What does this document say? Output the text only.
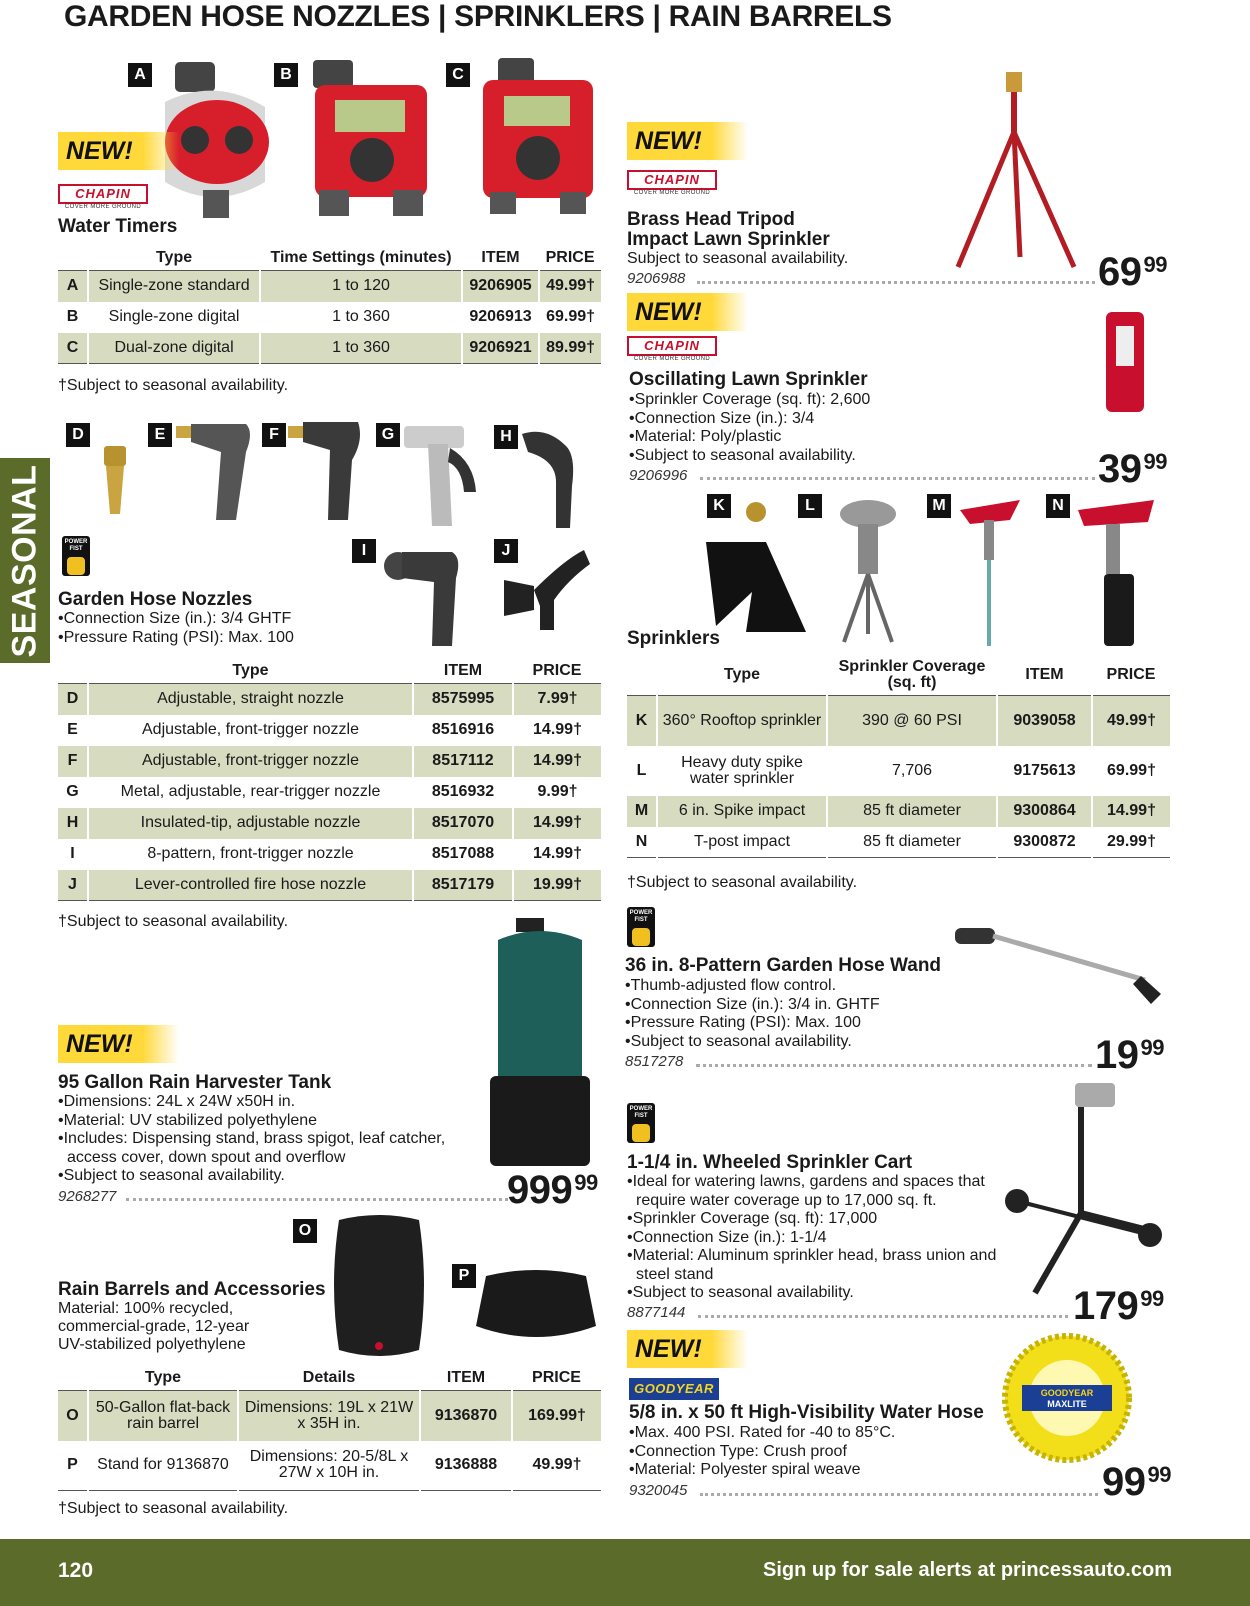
GARDEN HOSE NOZZLES | SPRINKLERS | RAIN BARRELS
SEASONAL
A	B	C
NEW!
CHAPIN
COVER MORE GROUND
Water Timers
	Type	Time Settings (minutes)	ITEM	PRICE
A	Single-zone standard	1 to 120	9206905	49.99†
B	Single-zone digital	1 to 360	9206913	69.99†
C	Dual-zone digital	1 to 360	9206921	89.99†
†Subject to seasonal availability.
D	E	F	G	H
I	J
POWER
FIST
Garden Hose Nozzles
• Connection Size (in.): 3/4 GHTF
• Pressure Rating (PSI): Max. 100
	Type	ITEM	PRICE
D	Adjustable, straight nozzle	8575995	7.99†
E	Adjustable, front-trigger nozzle	8516916	14.99†
F	Adjustable, front-trigger nozzle	8517112	14.99†
G	Metal, adjustable, rear-trigger nozzle	8516932	9.99†
H	Insulated-tip, adjustable nozzle	8517070	14.99†
I	8-pattern, front-trigger nozzle	8517088	14.99†
J	Lever-controlled fire hose nozzle	8517179	19.99†
†Subject to seasonal availability.
NEW!
95 Gallon Rain Harvester Tank
• Dimensions: 24L x 24W x50H in.
• Material: UV stabilized polyethylene
• Includes: Dispensing stand, brass spigot, leaf catcher, access cover, down spout and overflow
• Subject to seasonal availability.
9268277	$999^{99}$
O
P
Rain Barrels and Accessories
Material: 100% recycled,
commercial-grade, 12-year
UV-stabilized polyethylene
	Type	Details	ITEM	PRICE
O	50-Gallon flat-back rain barrel	Dimensions: 19L x 21W x 35H in.	9136870	169.99†
P	Stand for 9136870	Dimensions: 20-5/8L x 27W x 10H in.	9136888	49.99†
†Subject to seasonal availability.
NEW!
CHAPIN
COVER MORE GROUND
Brass Head Tripod
Impact Lawn Sprinkler
Subject to seasonal availability.
9206988	$69^{99}$
NEW!
CHAPIN
COVER MORE GROUND
Oscillating Lawn Sprinkler
• Sprinkler Coverage (sq. ft): 2,600
• Connection Size (in.): 3/4
• Material: Poly/plastic
• Subject to seasonal availability.
9206996	$39^{99}$
K	L	M	N
Sprinklers
	Type	Sprinkler Coverage (sq. ft)	ITEM	PRICE
K	360° Rooftop sprinkler	390 @ 60 PSI	9039058	49.99†
L	Heavy duty spike water sprinkler	7,706	9175613	69.99†
M	6 in. Spike impact	85 ft diameter	9300864	14.99†
N	T-post impact	85 ft diameter	9300872	29.99†
†Subject to seasonal availability.
POWER
FIST
36 in. 8-Pattern Garden Hose Wand
• Thumb-adjusted flow control.
• Connection Size (in.): 3/4 in. GHTF
• Pressure Rating (PSI): Max. 100
• Subject to seasonal availability.
8517278	$19^{99}$
POWER
FIST
1-1/4 in. Wheeled Sprinkler Cart
• Ideal for watering lawns, gardens and spaces that require water coverage up to 17,000 sq. ft.
• Sprinkler Coverage (sq. ft): 17,000
• Connection Size (in.): 1-1/4
• Material: Aluminum sprinkler head, brass union and steel stand
• Subject to seasonal availability.
8877144	$179^{99}$
NEW!
GOODYEAR	GOODYEAR
MAXLITE
5/8 in. x 50 ft High-Visibility Water Hose
• Max. 400 PSI. Rated for -40 to 85°C.
• Connection Type: Crush proof
• Material: Polyester spiral weave
9320045	$99^{99}$
120	Sign up for sale alerts at princessauto.com
